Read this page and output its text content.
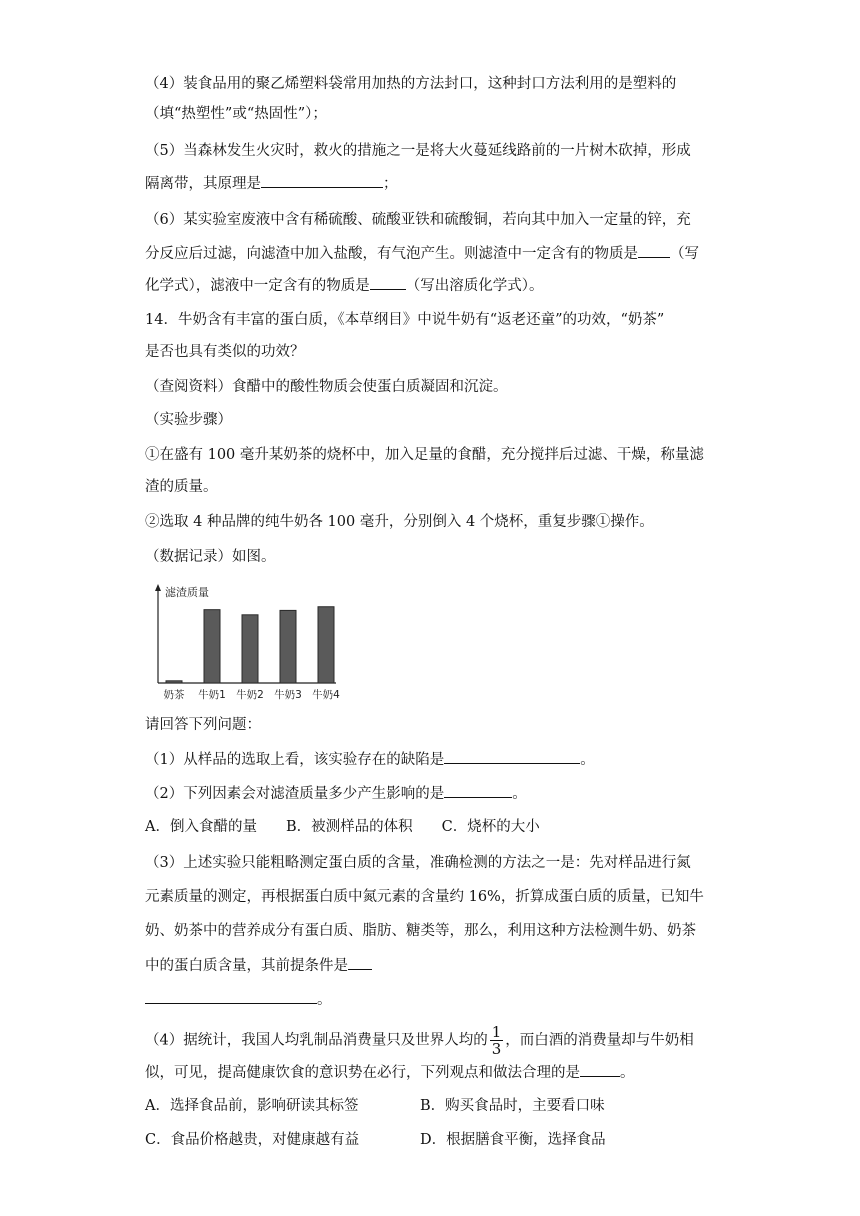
（4）装食品用的聚乙烯塑料袋常用加热的方法封口，这种封口方法利用的是塑料的
（填“热塑性”或“热固性”）；
（5）当森林发生火灾时，救火的措施之一是将大火蔓延线路前的一片树木砍掉，形成
隔离带，其原理是	；
（6）某实验室废液中含有稀硫酸、硫酸亚铁和硫酸铜，若向其中加入一定量的锌，充
分反应后过滤，向滤渣中加入盐酸，有气泡产生。则滤渣中一定含有的物质是 （写
化学式），滤液中一定含有的物质是 （写出溶质化学式）。
14．牛奶含有丰富的蛋白质，《本草纲目》中说牛奶有“返老还童”的功效，“奶茶”
是否也具有类似的功效？
（查阅资料）食醋中的酸性物质会使蛋白质凝固和沉淀。
（实验步骤）
①在盛有 100 毫升某奶茶的烧杯中，加入足量的食醋，充分搅拌后过滤、干燥，称量滤
渣的质量。
②选取 4 种品牌的纯牛奶各 100 毫升，分别倒入 4 个烧杯，重复步骤①操作。
（数据记录）如图。
滤渣质量
奶茶 牛奶1 牛奶2 牛奶3 牛奶4
请回答下列问题：
（1）从样品的选取上看，该实验存在的缺陷是	。
（2）下列因素会对滤渣质量多少产生影响的是	。
A．倒入食醋的量　　B．被测样品的体积　　C．烧杯的大小
（3）上述实验只能粗略测定蛋白质的含量，准确检测的方法之一是：先对样品进行氮
元素质量的测定，再根据蛋白质中氮元素的含量约 16%，折算成蛋白质的质量，已知牛
奶、奶茶中的营养成分有蛋白质、脂肪、糖类等，那么，利用这种方法检测牛奶、奶茶
中的蛋白质含量，其前提条件是
。
（4）据统计，我国人均乳制品消费量只及世界人均的 $\frac{1}{3}$ ，而白酒的消费量却与牛奶相
似，可见，提高健康饮食的意识势在必行，下列观点和做法合理的是	。
A．选择食品前，影响研读其标签	B．购买食品时，主要看口味
C．食品价格越贵，对健康越有益	D．根据膳食平衡，选择食品
